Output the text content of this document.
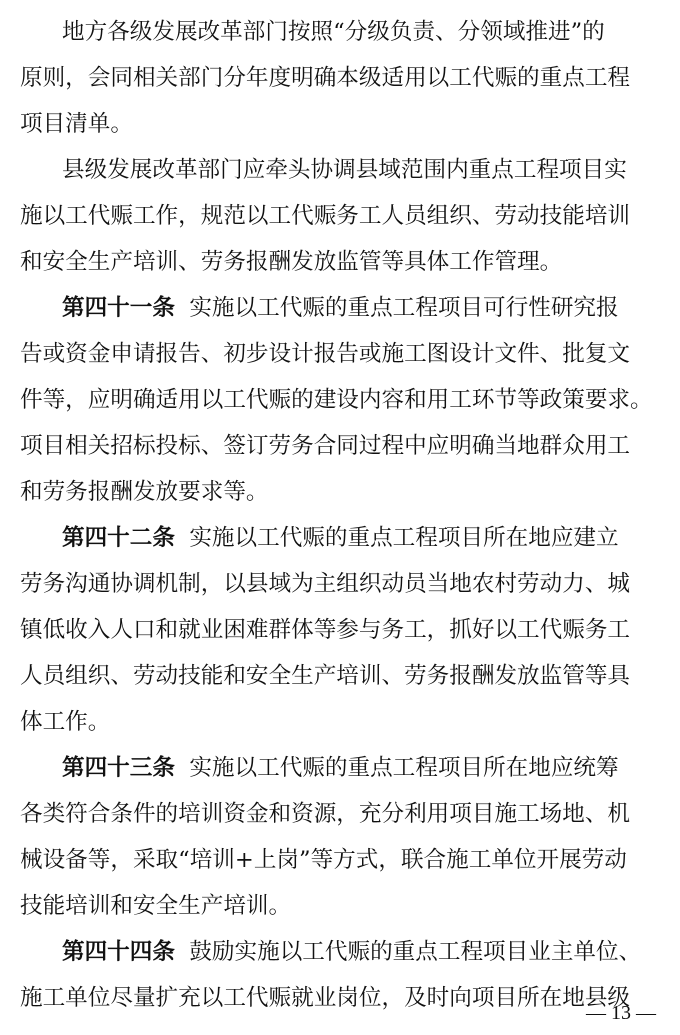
地方各级发展改革部门按照“分级负责、分领域推进”的
原则，会同相关部门分年度明确本级适用以工代赈的重点工程
项目清单。
县级发展改革部门应牵头协调县域范围内重点工程项目实
施以工代赈工作，规范以工代赈务工人员组织、劳动技能培训
和安全生产培训、劳务报酬发放监管等具体工作管理。
第四十一条 实施以工代赈的重点工程项目可行性研究报
告或资金申请报告、初步设计报告或施工图设计文件、批复文
件等，应明确适用以工代赈的建设内容和用工环节等政策要求。
项目相关招标投标、签订劳务合同过程中应明确当地群众用工
和劳务报酬发放要求等。
第四十二条 实施以工代赈的重点工程项目所在地应建立
劳务沟通协调机制，以县域为主组织动员当地农村劳动力、城
镇低收入人口和就业困难群体等参与务工，抓好以工代赈务工
人员组织、劳动技能和安全生产培训、劳务报酬发放监管等具
体工作。
第四十三条 实施以工代赈的重点工程项目所在地应统筹
各类符合条件的培训资金和资源，充分利用项目施工场地、机
械设备等，采取“培训+上岗”等方式，联合施工单位开展劳动
技能培训和安全生产培训。
第四十四条 鼓励实施以工代赈的重点工程项目业主单位、
施工单位尽量扩充以工代赈就业岗位，及时向项目所在地县级
— 13 —
